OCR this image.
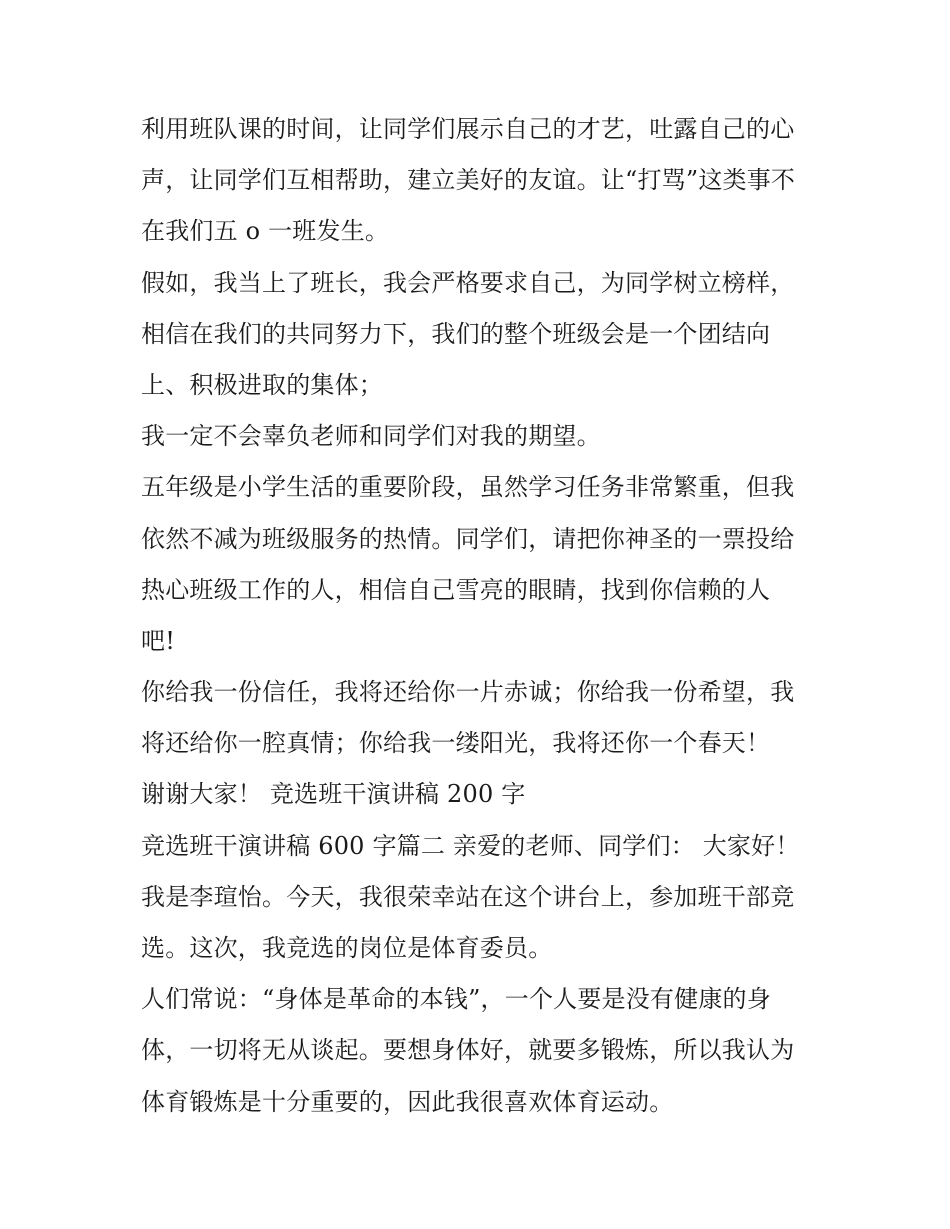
利用班队课的时间，让同学们展示自己的才艺，吐露自己的心

声，让同学们互相帮助，建立美好的友谊。让“打骂”这类事不

在我们五 o 一班发生。

假如，我当上了班长，我会严格要求自己，为同学树立榜样，

相信在我们的共同努力下，我们的整个班级会是一个团结向

上、积极进取的集体；

我一定不会辜负老师和同学们对我的期望。

五年级是小学生活的重要阶段，虽然学习任务非常繁重，但我

依然不减为班级服务的热情。同学们，请把你神圣的一票投给

热心班级工作的人，相信自己雪亮的眼睛，找到你信赖的人

吧!

你给我一份信任，我将还给你一片赤诚；你给我一份希望，我

将还给你一腔真情；你给我一缕阳光，我将还你一个春天！

谢谢大家！ 竞选班干演讲稿 200 字

竞选班干演讲稿 600 字篇二 亲爱的老师、同学们： 大家好！

我是李瑄怡。今天，我很荣幸站在这个讲台上，参加班干部竞

选。这次，我竞选的岗位是体育委员。

人们常说：“身体是革命的本钱”，一个人要是没有健康的身

体，一切将无从谈起。要想身体好，就要多锻炼，所以我认为

体育锻炼是十分重要的，因此我很喜欢体育运动。
